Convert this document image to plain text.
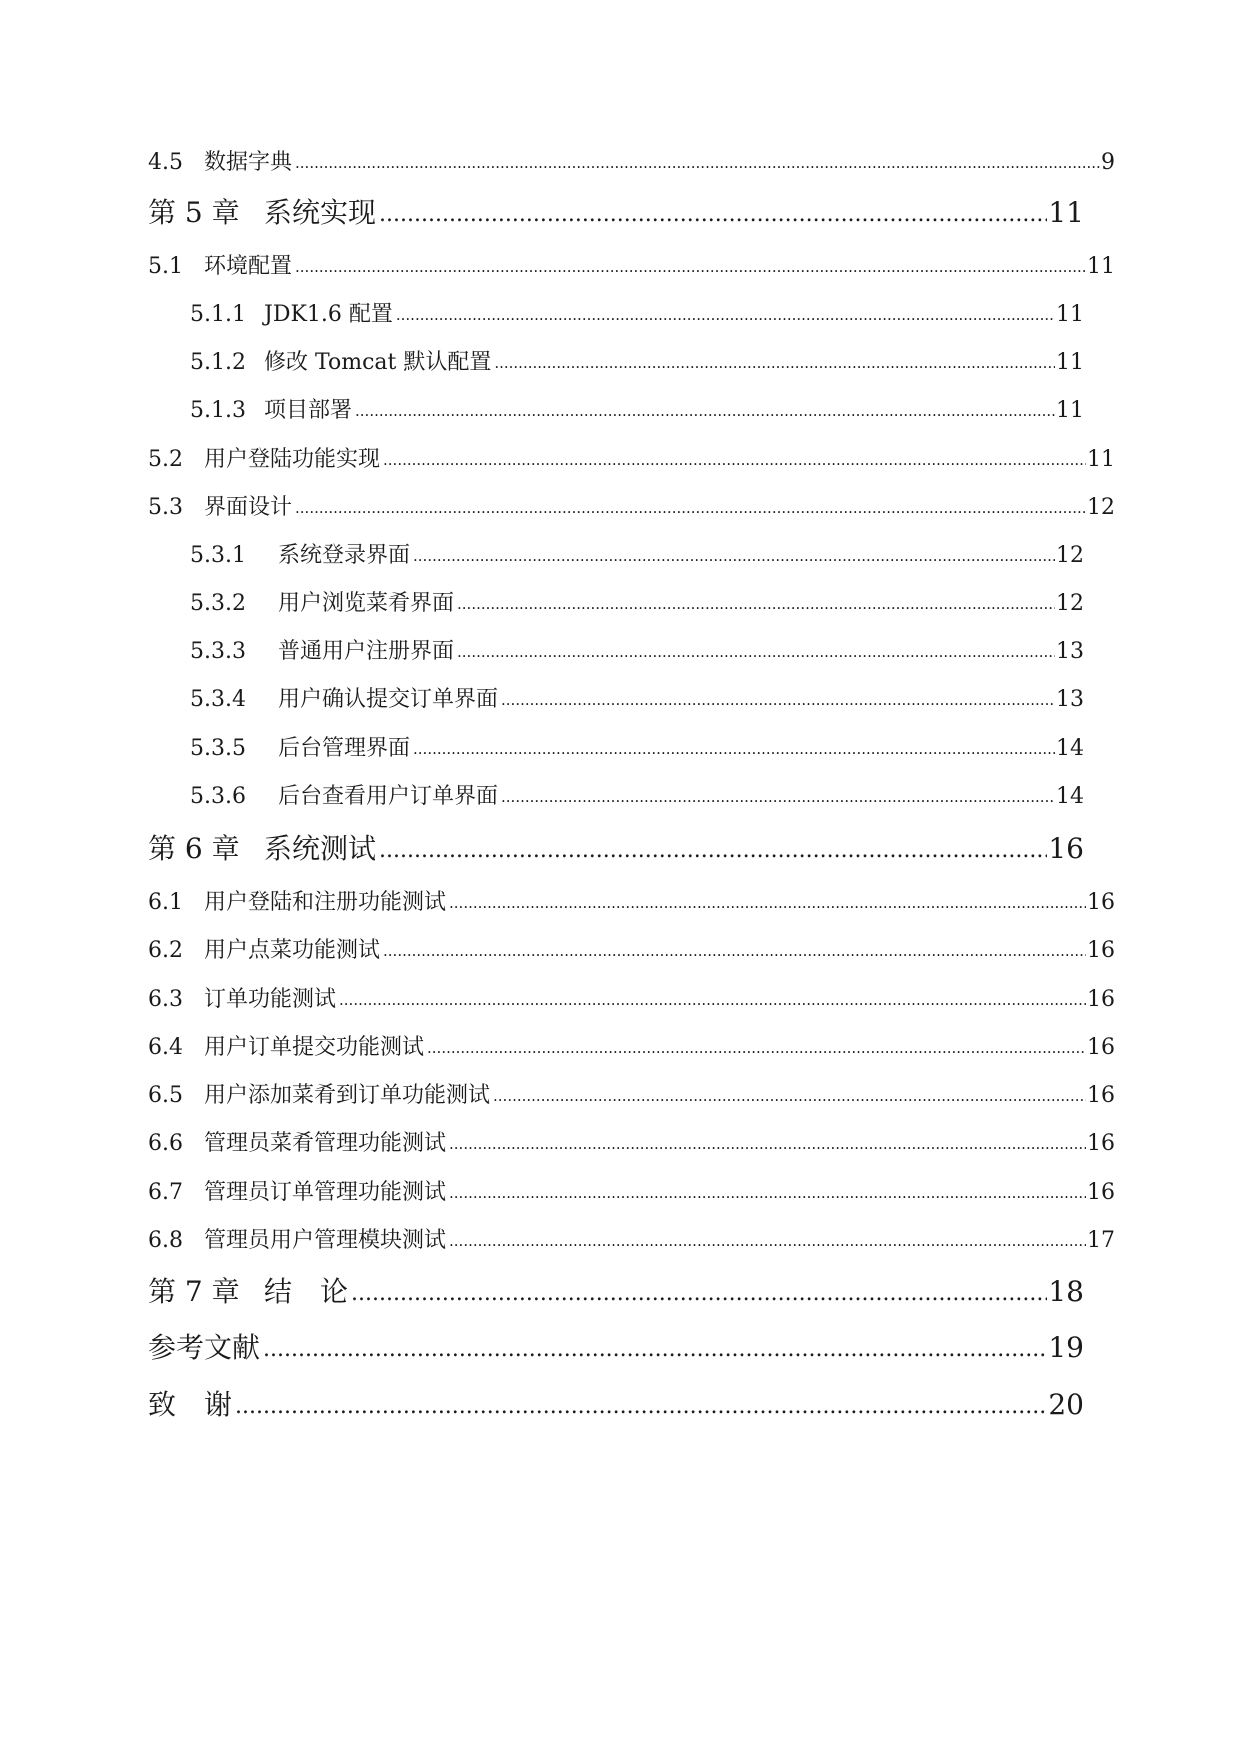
4.5 数据字典 .....	9
第 5 章 系统实现 .....	11
5.1 环境配置 .....	11
5.1.1 JDK1.6 配置 .....	11
5.1.2 修改 Tomcat 默认配置 .....	11
5.1.3 项目部署 .....	11
5.2 用户登陆功能实现 .....	11
5.3 界面设计 .....	12
5.3.1	系统登录界面 .....	12
5.3.2	用户浏览菜肴界面 .....	12
5.3.3	普通用户注册界面 .....	13
5.3.4	用户确认提交订单界面 .....	13
5.3.5	后台管理界面 .....	14
5.3.6	后台查看用户订单界面 .....	14
第 6 章 系统测试 .....	16
6.1 用户登陆和注册功能测试 .....	16
6.2 用户点菜功能测试 .....	16
6.3 订单功能测试 .....	16
6.4 用户订单提交功能测试 .....	16
6.5 用户添加菜肴到订单功能测试 .....	16
6.6 管理员菜肴管理功能测试 .....	16
6.7 管理员订单管理功能测试 .....	16
6.8 管理员用户管理模块测试 .....	17
第 7 章 结　论 .....	18
参考文献 .....	19
致　谢 .....	20
